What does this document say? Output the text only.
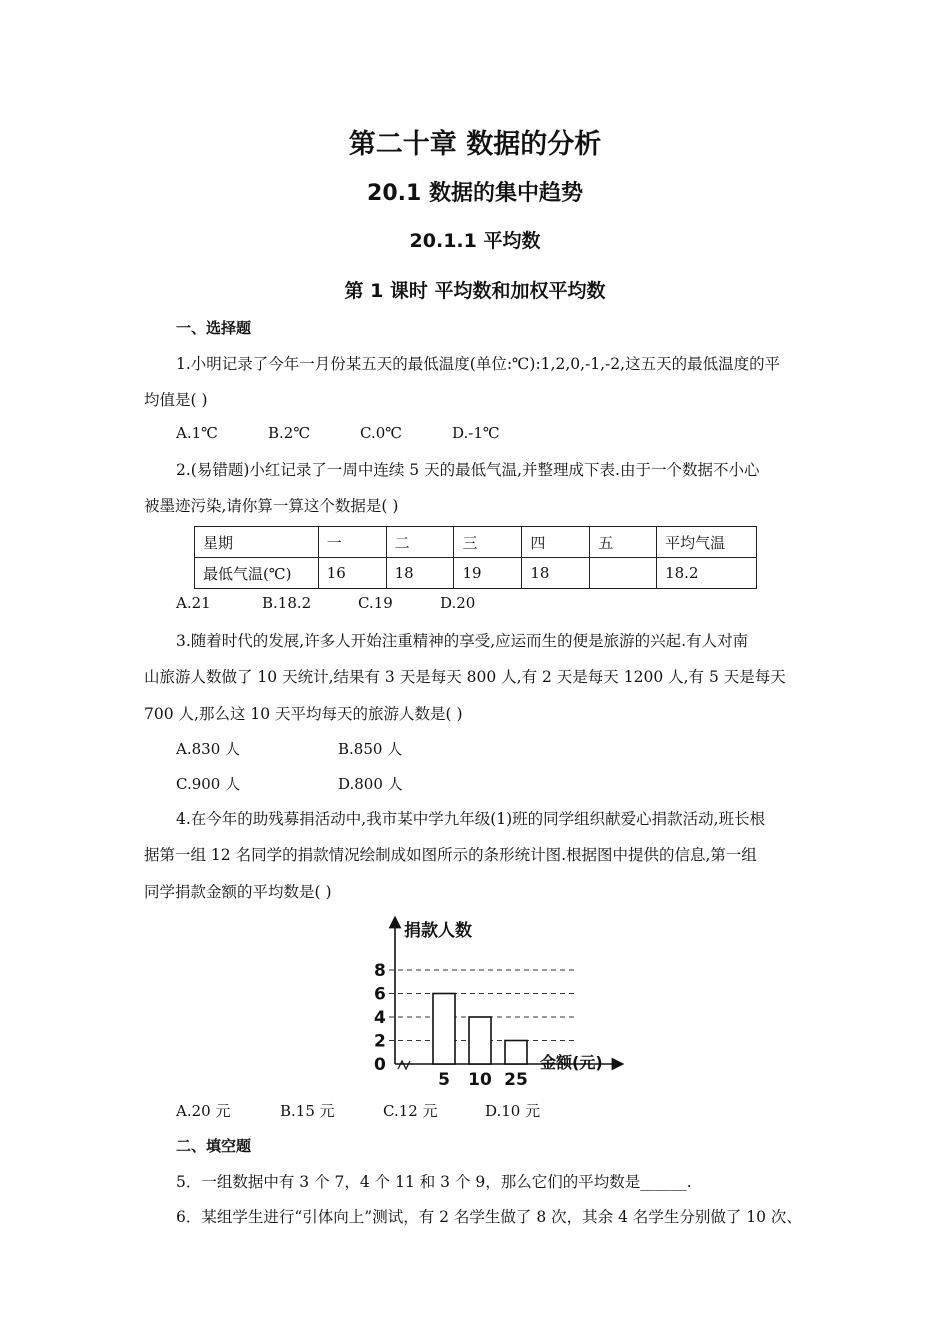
第二十章 数据的分析
20.1 数据的集中趋势
20.1.1 平均数
第 1 课时 平均数和加权平均数
一、选择题
1.小明记录了今年一月份某五天的最低温度(单位:℃):1,2,0,-1,-2,这五天的最低温度的平
均值是( )
A.1℃	B.2℃	C.0℃	D.-1℃
2.(易错题)小红记录了一周中连续 5 天的最低气温,并整理成下表.由于一个数据不小心
被墨迹污染,请你算一算这个数据是( )
星期	一	二	三	四	五	平均气温
最低气温(℃)	16	18	19	18		18.2
A.21	B.18.2	C.19	D.20
3.随着时代的发展,许多人开始注重精神的享受,应运而生的便是旅游的兴起.有人对南
山旅游人数做了 10 天统计,结果有 3 天是每天 800 人,有 2 天是每天 1200 人,有 5 天是每天
700 人,那么这 10 天平均每天的旅游人数是( )
A.830 人	B.850 人
C.900 人	D.800 人
4.在今年的助残募捐活动中,我市某中学九年级(1)班的同学组织献爱心捐款活动,班长根
据第一组 12 名同学的捐款情况绘制成如图所示的条形统计图.根据图中提供的信息,第一组
同学捐款金额的平均数是( )
捐款人数
金额(元)
0
2
4
6
8
5 10 25
A.20 元	B.15 元	C.12 元	D.10 元
二、填空题
5．一组数据中有 3 个 7，4 个 11 和 3 个 9，那么它们的平均数是______.
6．某组学生进行“引体向上”测试，有 2 名学生做了 8 次，其余 4 名学生分别做了 10 次、
